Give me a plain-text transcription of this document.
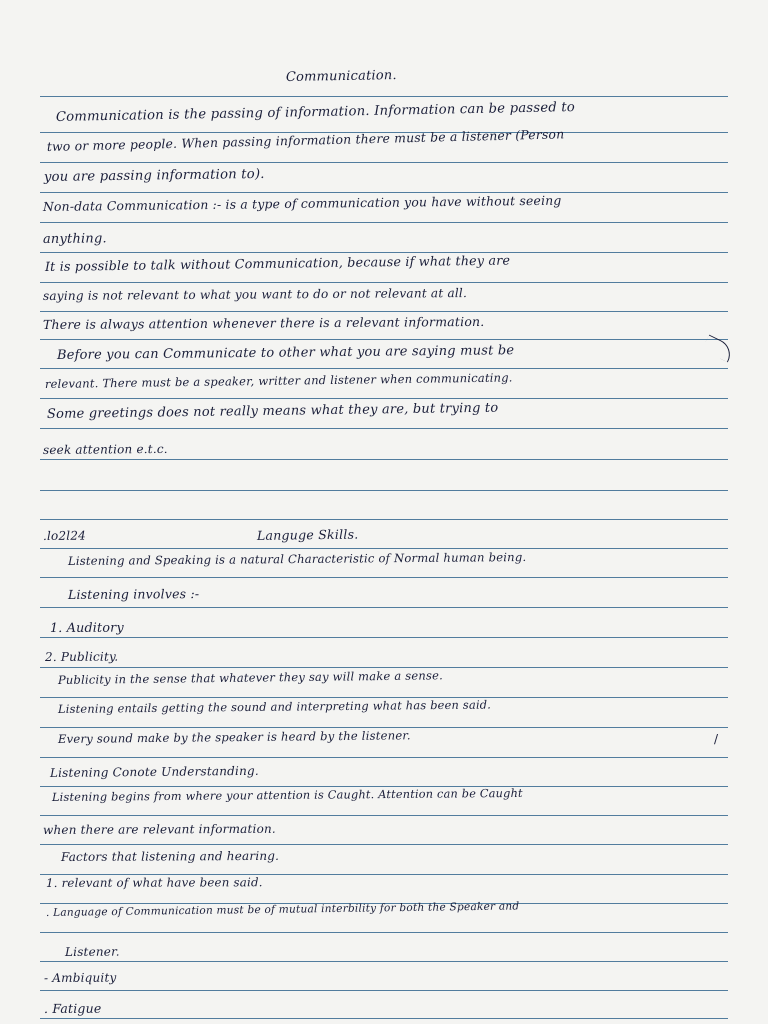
Communication.
Communication is the passing of information. Information can be passed to
two or more people. When passing information there must be a listener (Person
you are passing information to).
Non-data Communication :- is a type of communication you have without seeing
anything.
It is possible to talk without Communication, because if what they are
saying is not relevant to what you want to do or not relevant at all.
There is always attention whenever there is a relevant information.
Before you can Communicate to other what you are saying must be
relevant. There must be a speaker, writter and listener when communicating.
Some greetings does not really means what they are, but trying to
seek attention e.t.c.
.lo2l24	Languge Skills.
Listening and Speaking is a natural Characteristic of Normal human being.
Listening involves :-
1. Auditory
2. Publicity.
Publicity in the sense that whatever they say will make a sense.
Listening entails getting the sound and interpreting what has been said.
Every sound make by the speaker is heard by the listener.
Listening Conote Understanding.
Listening begins from where your attention is Caught. Attention can be Caught
when there are relevant information.
Factors that listening and hearing.
1. relevant of what have been said.
. Language of Communication must be of mutual interbility for both the Speaker and
Listener.
- Ambiquity
. Fatigue
/
